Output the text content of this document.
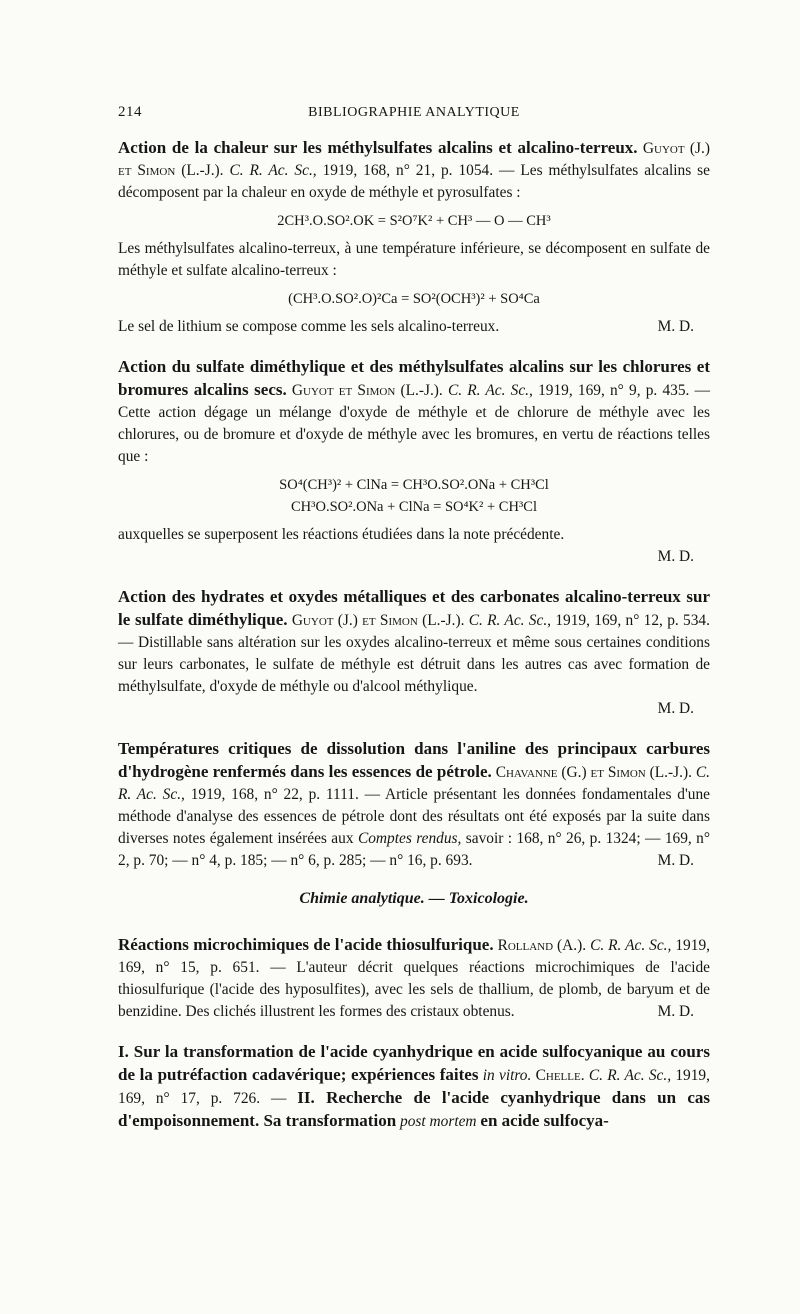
214	BIBLIOGRAPHIE ANALYTIQUE

Action de la chaleur sur les méthylsulfates alcalins et alcalino-terreux. Guyot (J.) et Simon (L.-J.). C. R. Ac. Sc., 1919, 168, n° 21, p. 1054. — Les méthylsulfates alcalins se décomposent par la chaleur en oxyde de méthyle et pyrosulfates :

2CH³.O.SO².OK = S²O⁷K² + CH³ — O — CH³

Les méthylsulfates alcalino-terreux, à une température inférieure, se décomposent en sulfate de méthyle et sulfate alcalino-terreux :

(CH³.O.SO².O)²Ca = SO²(OCH³)² + SO⁴Ca

Le sel de lithium se compose comme les sels alcalino-terreux.	M. D.

Action du sulfate diméthylique et des méthylsulfates alcalins sur les chlorures et bromures alcalins secs. Guyot et Simon (L.-J.). C. R. Ac. Sc., 1919, 169, n° 9, p. 435. — Cette action dégage un mélange d'oxyde de méthyle et de chlorure de méthyle avec les chlorures, ou de bromure et d'oxyde de méthyle avec les bromures, en vertu de réactions telles que :

SO⁴(CH³)² + ClNa = CH³O.SO².ONa + CH³Cl
CH³O.SO².ONa + ClNa = SO⁴K² + CH³Cl

auxquelles se superposent les réactions étudiées dans la note précédente.

M. D.

Action des hydrates et oxydes métalliques et des carbonates alcalino-terreux sur le sulfate diméthylique. Guyot (J.) et Simon (L.-J.). C. R. Ac. Sc., 1919, 169, n° 12, p. 534. — Distillable sans altération sur les oxydes alcalino-terreux et même sous certaines conditions sur leurs carbonates, le sulfate de méthyle est détruit dans les autres cas avec formation de méthylsulfate, d'oxyde de méthyle ou d'alcool méthylique.

M. D.

Températures critiques de dissolution dans l'aniline des principaux carbures d'hydrogène renfermés dans les essences de pétrole. Chavanne (G.) et Simon (L.-J.). C. R. Ac. Sc., 1919, 168, n° 22, p. 1111. — Article présentant les données fondamentales d'une méthode d'analyse des essences de pétrole dont des résultats ont été exposés par la suite dans diverses notes également insérées aux Comptes rendus, savoir : 168, n° 26, p. 1324; — 169, n° 2, p. 70; — n° 4, p. 185; — n° 6, p. 285; — n° 16, p. 693.	M. D.
Chimie analytique. — Toxicologie.

Réactions microchimiques de l'acide thiosulfurique. Rolland (A.). C. R. Ac. Sc., 1919, 169, n° 15, p. 651. — L'auteur décrit quelques réactions microchimiques de l'acide thiosulfurique (l'acide des hyposulfites), avec les sels de thallium, de plomb, de baryum et de benzidine. Des clichés illustrent les formes des cristaux obtenus.	M. D.

I. Sur la transformation de l'acide cyanhydrique en acide sulfocyanique au cours de la putréfaction cadavérique; expériences faites in vitro. Chelle. C. R. Ac. Sc., 1919, 169, n° 17, p. 726. — II. Recherche de l'acide cyanhydrique dans un cas d'empoisonnement. Sa transformation post mortem en acide sulfocya-
